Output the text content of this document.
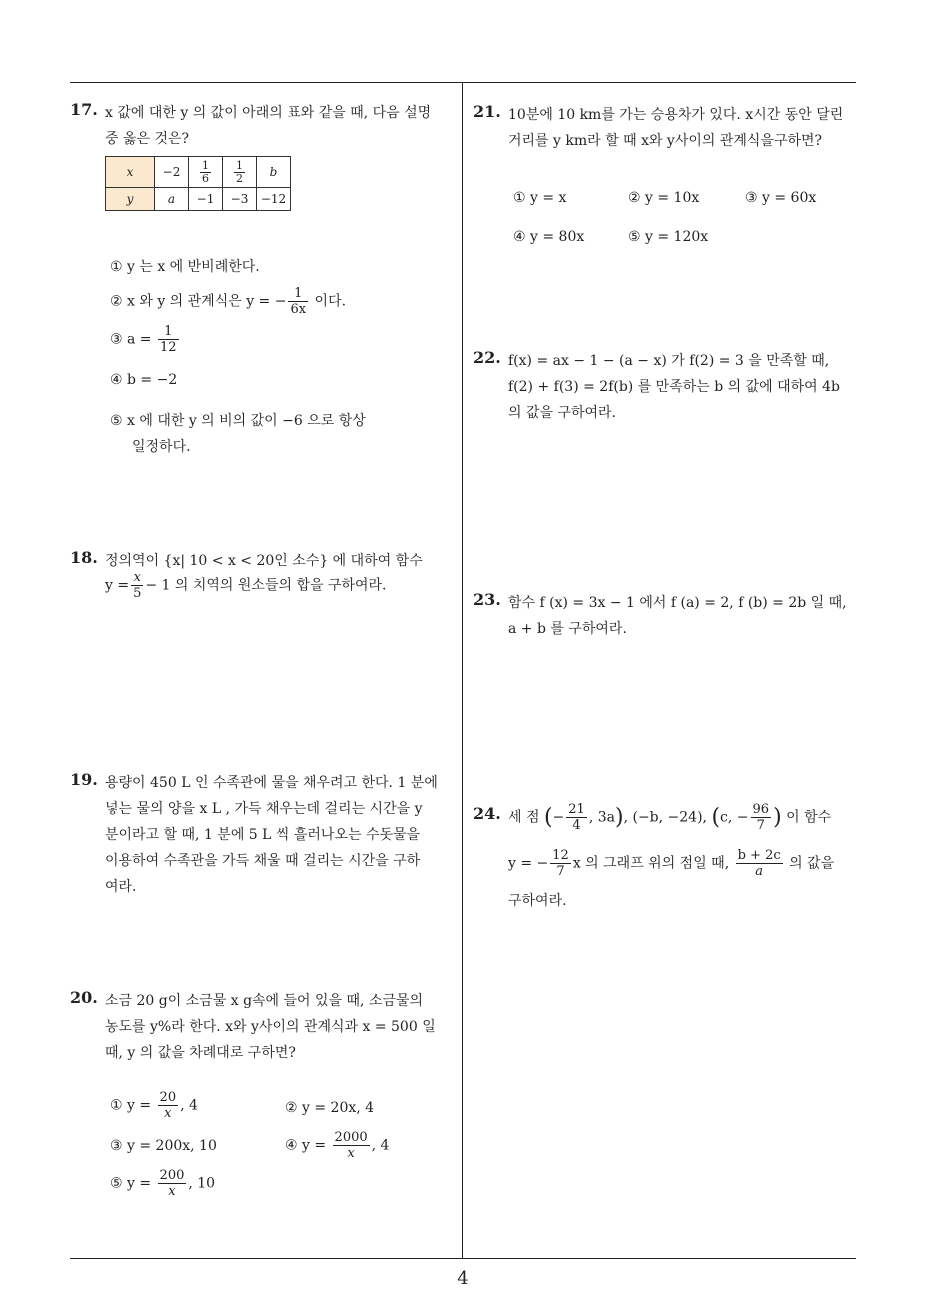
17. x 값에 대한 y 의 값이 아래의 표와 같을 때, 다음 설명
중 옳은 것은?
x	−2	$\frac{1}{6}$	$\frac{1}{2}$	b
y	a	−1	−3	−12
① y 는 x 에 반비례한다.
② x 와 y 의 관계식은 y = − $\frac{1}{6x}$ 이다.
③ $a = \frac{1}{12}$
④ b = −2
⑤ x 에 대한 y 의 비의 값이 −6 으로 항상
일정하다.
18. 정의역이 {x| 10 < x < 20인 소수} 에 대하여 함수
$y = \frac{x}{5} - 1$ 의 치역의 원소들의 합을 구하여라.
19. 용량이 450 L 인 수족관에 물을 채우려고 한다. 1 분에
넣는 물의 양을 x L , 가득 채우는데 걸리는 시간을 y
분이라고 할 때, 1 분에 5 L 씩 흘러나오는 수돗물을
이용하여 수족관을 가득 채울 때 걸리는 시간을 구하
여라.
20. 소금 20 g이 소금물 x g속에 들어 있을 때, 소금물의
농도를 y%라 한다. x와 y사이의 관계식과 x = 500 일
때, y 의 값을 차례대로 구하면?
① $y = \frac{20}{x}$ , 4	② y = 20x, 4
③ y = 200x, 10	④ $y = \frac{2000}{x}$ , 4
⑤ $y = \frac{200}{x}$ , 10
21. 10분에 10 km를 가는 승용차가 있다. x시간 동안 달린
거리를 y km라 할 때 x와 y사이의 관계식을구하면?
① y = x	② y = 10x	③ y = 60x
④ y = 80x	⑤ y = 120x
22. f(x) = ax − 1 − (a − x) 가 f(2) = 3 을 만족할 때,
f(2) + f(3) = 2f(b) 를 만족하는 b 의 값에 대하여 4b
의 값을 구하여라.
23. 함수 f (x) = 3x − 1 에서 f (a) = 2, f (b) = 2b 일 때,
a + b 를 구하여라.
24. 세 점 (− $\frac{21}{4}$ , 3a), (−b, −24), (c, − $\frac{96}{7}$ ) 이 함수
y = − $\frac{12}{7}$ x 의 그래프 위의 점일 때, $\frac{b + 2c}{a}$ 의 값을
구하여라.
4
